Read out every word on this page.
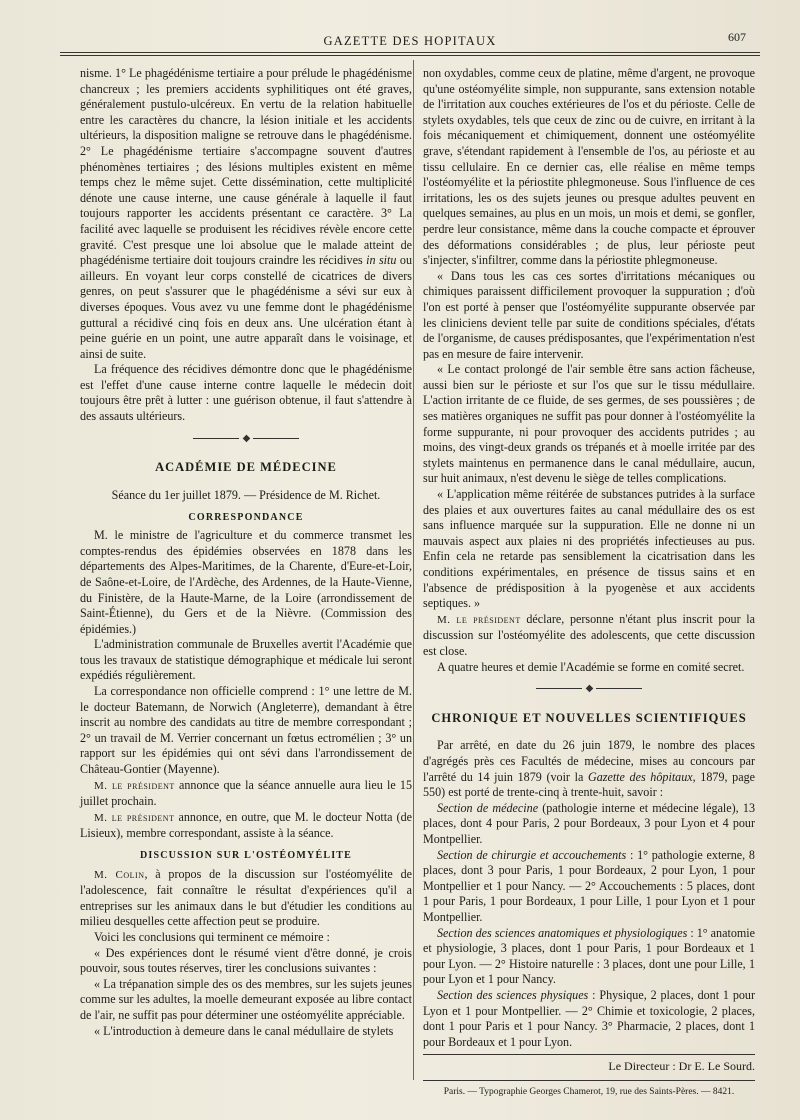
GAZETTE DES HOPITAUX	607

nisme. 1° Le phagédénisme tertiaire a pour prélude le phagédénisme chancreux ; les premiers accidents syphilitiques ont été graves, généralement pustulo-ulcéreux. En vertu de la relation habituelle entre les caractères du chancre, la lésion initiale et les accidents ultérieurs, la disposition maligne se retrouve dans le phagédénisme. 2° Le phagédénisme tertiaire s'accompagne souvent d'autres phénomènes tertiaires ; des lésions multiples existent en même temps chez le même sujet. Cette dissémination, cette multiplicité dénote une cause interne, une cause générale à laquelle il faut toujours rapporter les accidents présentant ce caractère. 3° La facilité avec laquelle se produisent les récidives révèle encore cette gravité. C'est presque une loi absolue que le malade atteint de phagédénisme tertiaire doit toujours craindre les récidives in situ ou ailleurs. En voyant leur corps constellé de cicatrices de divers genres, on peut s'assurer que le phagédénisme a sévi sur eux à diverses époques. Vous avez vu une femme dont le phagédénisme guttural a récidivé cinq fois en deux ans. Une ulcération étant à peine guérie en un point, une autre apparaît dans le voisinage, et ainsi de suite.

La fréquence des récidives démontre donc que le phagédénisme est l'effet d'une cause interne contre laquelle le médecin doit toujours être prêt à lutter : une guérison obtenue, il faut s'attendre à des assauts ultérieurs.

◆
ACADÉMIE DE MÉDECINE

Séance du 1er juillet 1879. — Présidence de M. Richet.

CORRESPONDANCE

M. le ministre de l'agriculture et du commerce transmet les comptes-rendus des épidémies observées en 1878 dans les départements des Alpes-Maritimes, de la Charente, d'Eure-et-Loir, de Saône-et-Loire, de l'Ardèche, des Ardennes, de la Haute-Vienne, du Finistère, de la Haute-Marne, de la Loire (arrondissement de Saint-Étienne), du Gers et de la Nièvre. (Commission des épidémies.)

L'administration communale de Bruxelles avertit l'Académie que tous les travaux de statistique démographique et médicale lui seront expédiés régulièrement.

La correspondance non officielle comprend : 1° une lettre de M. le docteur Batemann, de Norwich (Angleterre), demandant à être inscrit au nombre des candidats au titre de membre correspondant ; 2° un travail de M. Verrier concernant un fœtus ectromélien ; 3° un rapport sur les épidémies qui ont sévi dans l'arrondissement de Château-Gontier (Mayenne).

M. le président annonce que la séance annuelle aura lieu le 15 juillet prochain.

M. le président annonce, en outre, que M. le docteur Notta (de Lisieux), membre correspondant, assiste à la séance.

DISCUSSION SUR L'OSTÉOMYÉLITE

M. Colin, à propos de la discussion sur l'ostéomyélite de l'adolescence, fait connaître le résultat d'expériences qu'il a entreprises sur les animaux dans le but d'étudier les conditions au milieu desquelles cette affection peut se produire.

Voici les conclusions qui terminent ce mémoire :

« Des expériences dont le résumé vient d'être donné, je crois pouvoir, sous toutes réserves, tirer les conclusions suivantes :

« La trépanation simple des os des membres, sur les sujets jeunes comme sur les adultes, la moelle demeurant exposée au libre contact de l'air, ne suffit pas pour déterminer une ostéomyélite appréciable.

« L'introduction à demeure dans le canal médullaire de stylets

non oxydables, comme ceux de platine, même d'argent, ne provoque qu'une ostéomyélite simple, non suppurante, sans extension notable de l'irritation aux couches extérieures de l'os et du périoste. Celle de stylets oxydables, tels que ceux de zinc ou de cuivre, en irritant à la fois mécaniquement et chimiquement, donnent une ostéomyélite grave, s'étendant rapidement à l'ensemble de l'os, au périoste et au tissu cellulaire. En ce dernier cas, elle réalise en même temps l'ostéomyélite et la périostite phlegmoneuse. Sous l'influence de ces irritations, les os des sujets jeunes ou presque adultes peuvent en quelques semaines, au plus en un mois, un mois et demi, se gonfler, perdre leur consistance, même dans la couche compacte et éprouver des déformations considérables ; de plus, leur périoste peut s'injecter, s'infiltrer, comme dans la périostite phlegmoneuse.

« Dans tous les cas ces sortes d'irritations mécaniques ou chimiques paraissent difficilement provoquer la suppuration ; d'où l'on est porté à penser que l'ostéomyélite suppurante observée par les cliniciens devient telle par suite de conditions spéciales, d'états de l'organisme, de causes prédisposantes, que l'expérimentation n'est pas en mesure de faire intervenir.

« Le contact prolongé de l'air semble être sans action fâcheuse, aussi bien sur le périoste et sur l'os que sur le tissu médullaire. L'action irritante de ce fluide, de ses germes, de ses poussières ; de ses matières organiques ne suffit pas pour donner à l'ostéomyélite la forme suppurante, ni pour provoquer des accidents putrides ; au moins, des vingt-deux grands os trépanés et à moelle irritée par des stylets maintenus en permanence dans le canal médullaire, aucun, sur huit animaux, n'est devenu le siège de telles complications.

« L'application même réitérée de substances putrides à la surface des plaies et aux ouvertures faites au canal médullaire des os est sans influence marquée sur la suppuration. Elle ne donne ni un mauvais aspect aux plaies ni des propriétés infectieuses au pus. Enfin cela ne retarde pas sensiblement la cicatrisation dans les conditions expérimentales, en présence de tissus sains et en l'absence de prédisposition à la pyogenèse et aux accidents septiques. »

M. le président déclare, personne n'étant plus inscrit pour la discussion sur l'ostéomyélite des adolescents, que cette discussion est close.

A quatre heures et demie l'Académie se forme en comité secret.

◆
CHRONIQUE ET NOUVELLES SCIENTIFIQUES

Par arrêté, en date du 26 juin 1879, le nombre des places d'agrégés près ces Facultés de médecine, mises au concours par l'arrêté du 14 juin 1879 (voir la Gazette des hôpitaux, 1879, page 550) est porté de trente-cinq à trente-huit, savoir :

Section de médecine (pathologie interne et médecine légale), 13 places, dont 4 pour Paris, 2 pour Bordeaux, 3 pour Lyon et 4 pour Montpellier.

Section de chirurgie et accouchements : 1° pathologie externe, 8 places, dont 3 pour Paris, 1 pour Bordeaux, 2 pour Lyon, 1 pour Montpellier et 1 pour Nancy. — 2° Accouchements : 5 places, dont 1 pour Paris, 1 pour Bordeaux, 1 pour Lille, 1 pour Lyon et 1 pour Montpellier.

Section des sciences anatomiques et physiologiques : 1° anatomie et physiologie, 3 places, dont 1 pour Paris, 1 pour Bordeaux et 1 pour Lyon. — 2° Histoire naturelle : 3 places, dont une pour Lille, 1 pour Lyon et 1 pour Nancy.

Section des sciences physiques : Physique, 2 places, dont 1 pour Lyon et 1 pour Montpellier. — 2° Chimie et toxicologie, 2 places, dont 1 pour Paris et 1 pour Nancy. 3° Pharmacie, 2 places, dont 1 pour Bordeaux et 1 pour Lyon.

Le Directeur : Dr E. Le Sourd.
Paris. — Typographie Georges Chamerot, 19, rue des Saints-Pères. — 8421.
